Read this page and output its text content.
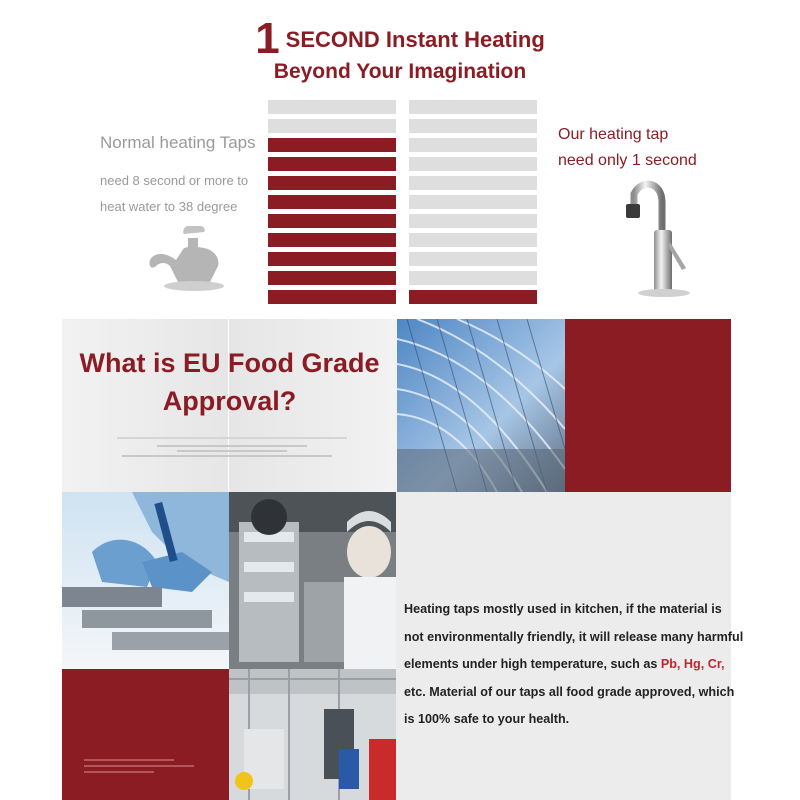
1 SECOND Instant Heating
Beyond Your Imagination
Normal heating Taps
need 8 second or more to
heat water to 38 degree
Our heating tap
need only 1 second
What is EU Food Grade
Approval?
Heating taps mostly used in kitchen, if the material is not environmentally friendly, it will release many harmful elements under high temperature, such as Pb, Hg, Cr, etc. Material of our taps all food grade approved, which is 100% safe to your health.
